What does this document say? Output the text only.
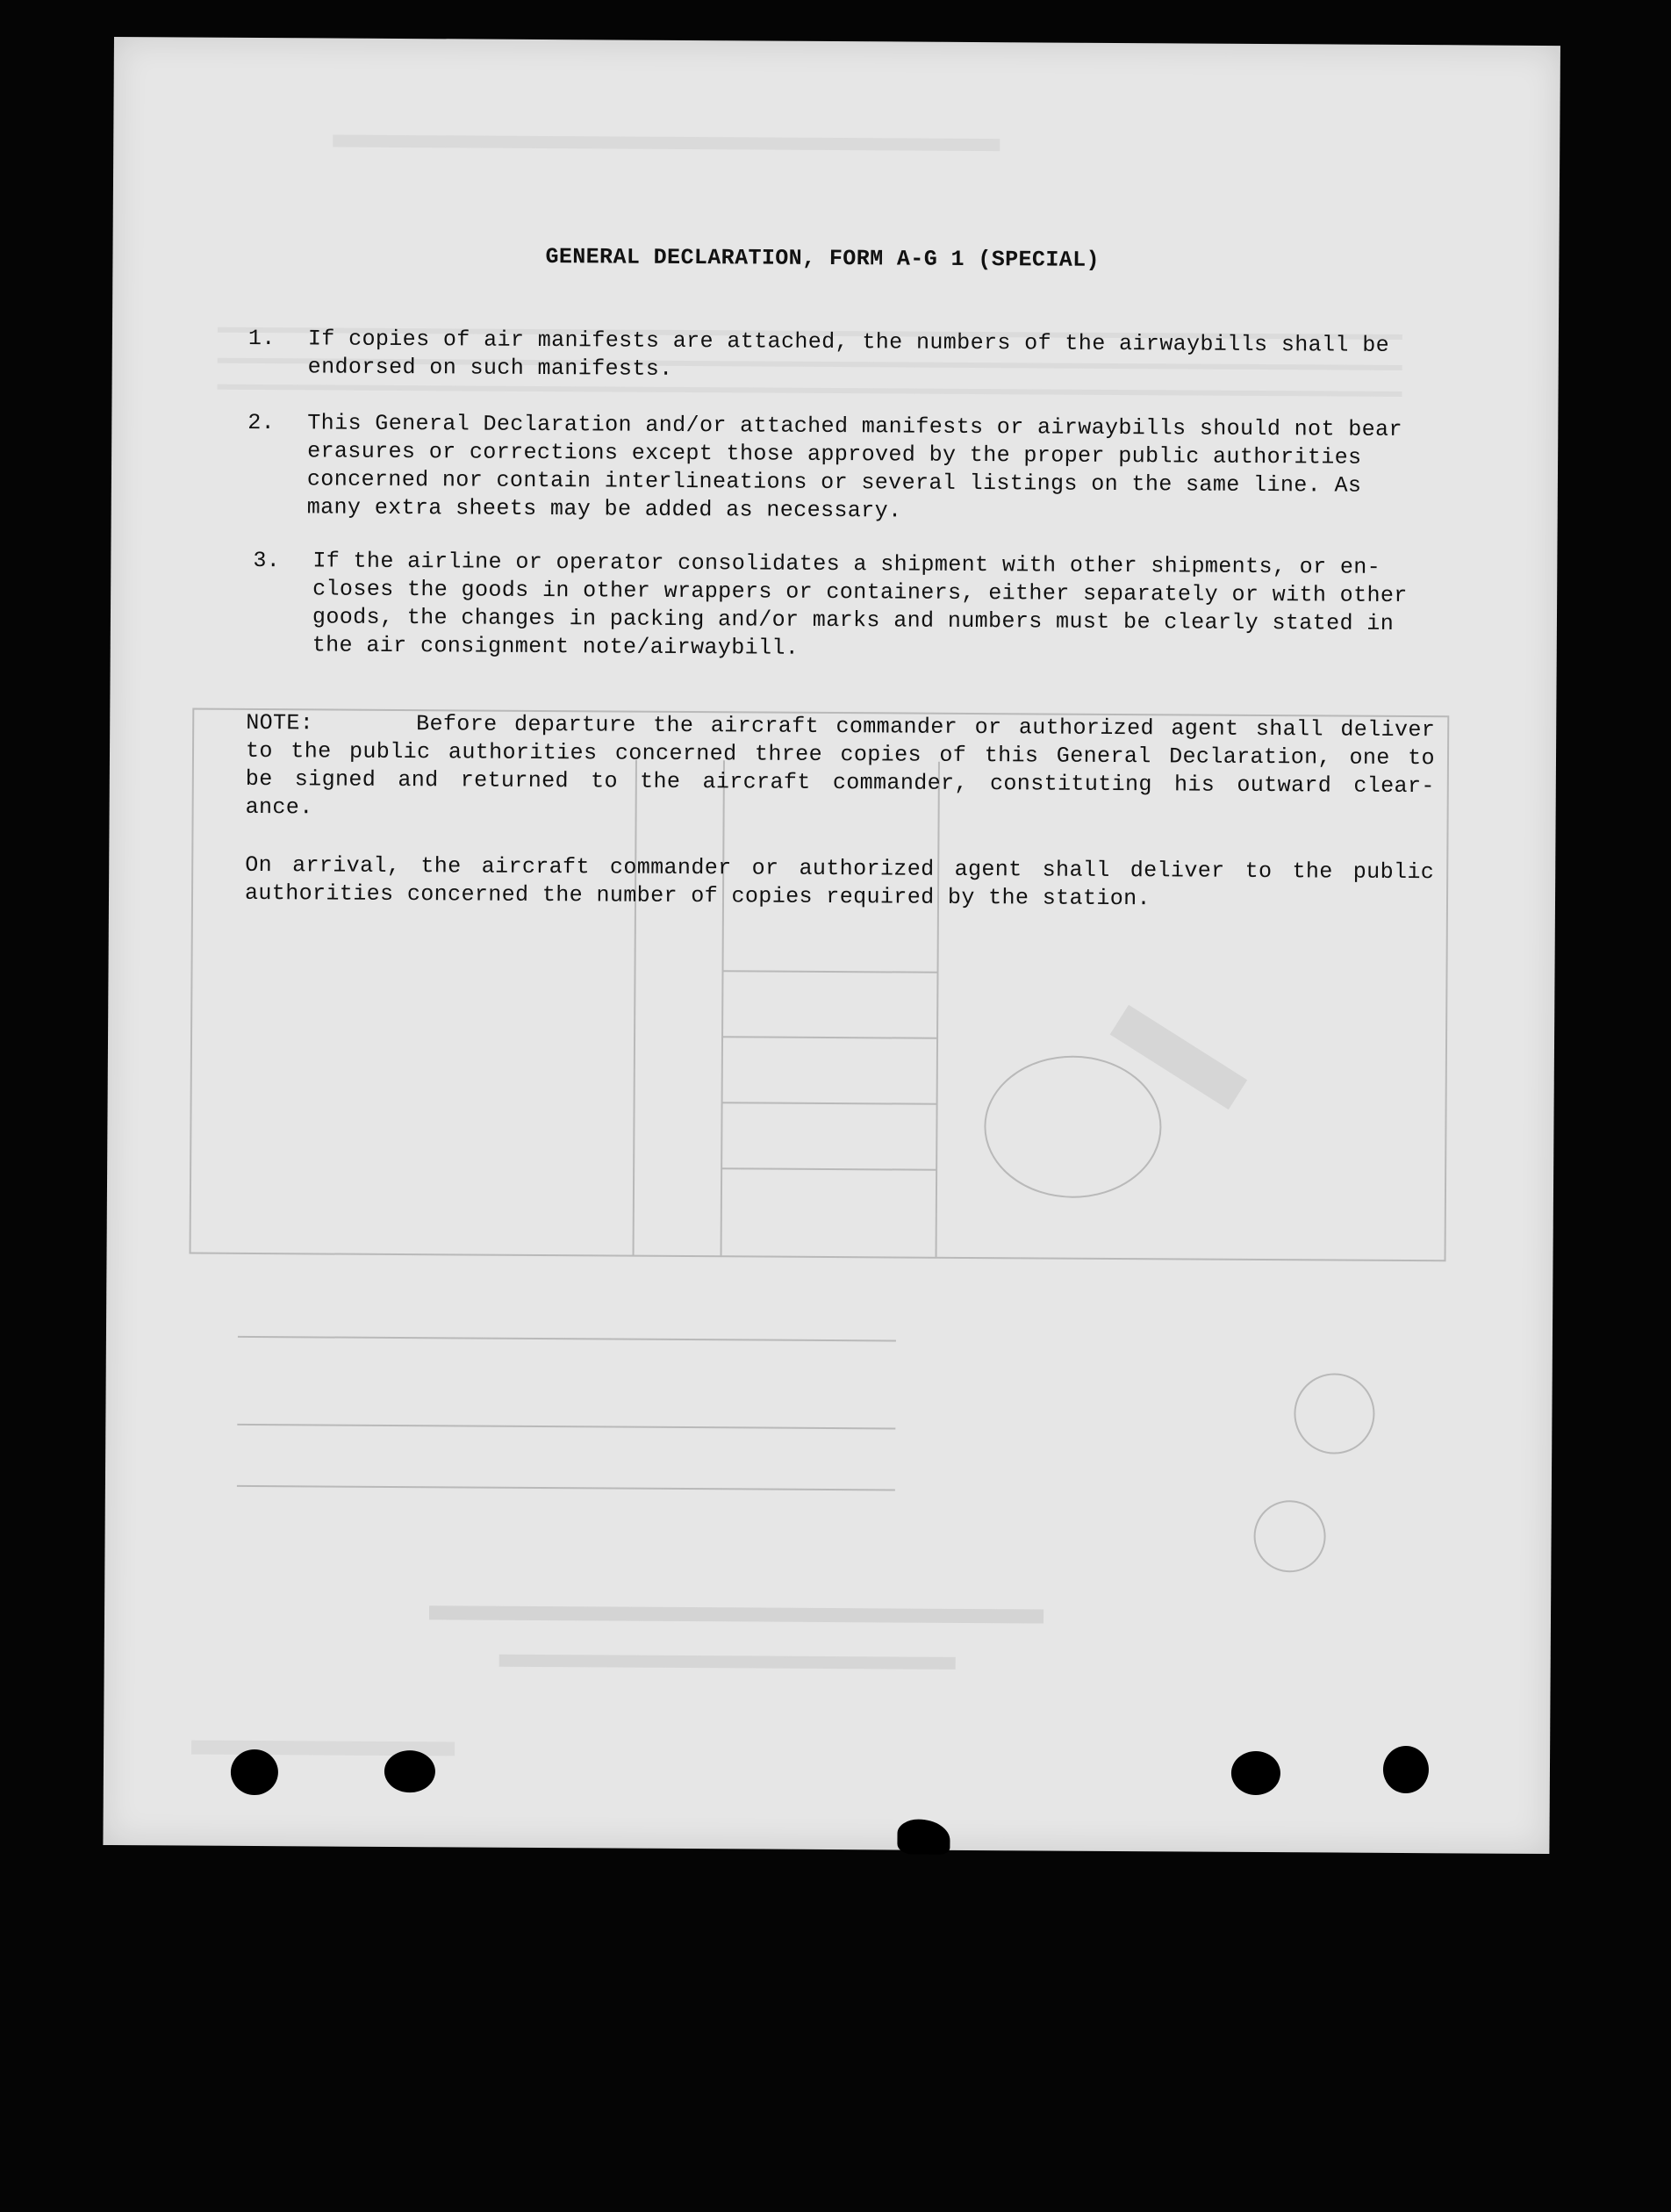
GENERAL DECLARATION, FORM A-G 1 (SPECIAL)
1.	If copies of air manifests are attached, the numbers of the airwaybills shall be
endorsed on such manifests.
2.	This General Declaration and/or attached manifests or airwaybills should not bear
erasures or corrections except those approved by the proper public authorities
concerned nor contain interlineations or several listings on the same line. As
many extra sheets may be added as necessary.
3.	If the airline or operator consolidates a shipment with other shipments, or en-
closes the goods in other wrappers or containers, either separately or with other
goods, the changes in packing and/or marks and numbers must be clearly stated in
the air consignment note/airwaybill.
NOTE:      Before departure the aircraft commander or authorized agent shall deliver
to the public authorities concerned three copies of this General Declaration, one to
be signed and returned to the aircraft commander, constituting his outward clear-
ance.
On arrival, the aircraft commander or authorized agent shall deliver to the public
authorities concerned the number of copies required by the station.
